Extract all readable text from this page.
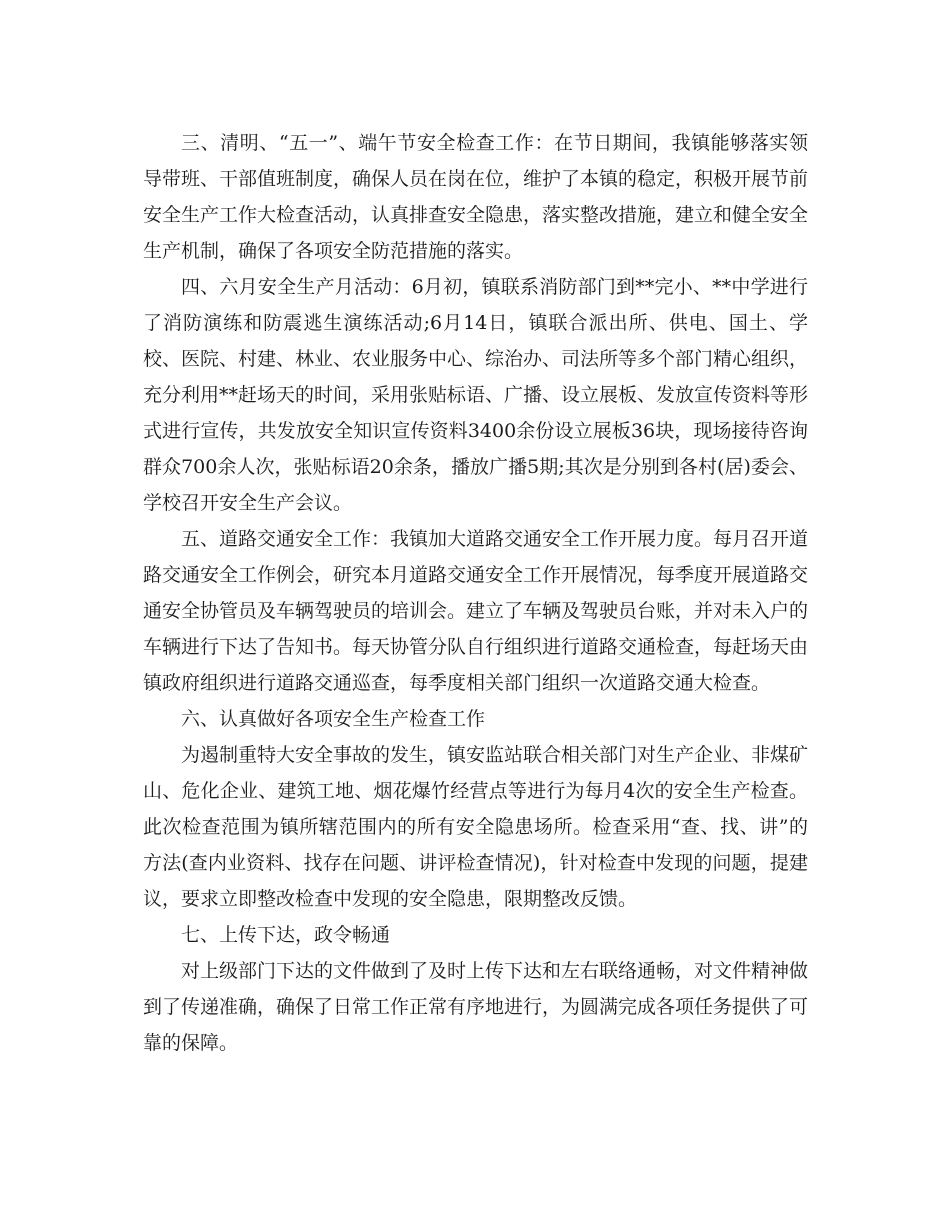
三、清明、“五一”、端午节安全检查工作：在节日期间，我镇能够落实领导带班、干部值班制度，确保人员在岗在位，维护了本镇的稳定，积极开展节前安全生产工作大检查活动，认真排查安全隐患，落实整改措施，建立和健全安全生产机制，确保了各项安全防范措施的落实。

四、六月安全生产月活动：6月初，镇联系消防部门到**完小、**中学进行了消防演练和防震逃生演练活动;6月14日，镇联合派出所、供电、国土、学校、医院、村建、林业、农业服务中心、综治办、司法所等多个部门精心组织，充分利用**赶场天的时间，采用张贴标语、广播、设立展板、发放宣传资料等形式进行宣传，共发放安全知识宣传资料3400余份设立展板36块，现场接待咨询群众700余人次，张贴标语20余条，播放广播5期;其次是分别到各村(居)委会、学校召开安全生产会议。

五、道路交通安全工作：我镇加大道路交通安全工作开展力度。每月召开道路交通安全工作例会，研究本月道路交通安全工作开展情况，每季度开展道路交通安全协管员及车辆驾驶员的培训会。建立了车辆及驾驶员台账，并对未入户的车辆进行下达了告知书。每天协管分队自行组织进行道路交通检查，每赶场天由镇政府组织进行道路交通巡查，每季度相关部门组织一次道路交通大检查。

六、认真做好各项安全生产检查工作

为遏制重特大安全事故的发生，镇安监站联合相关部门对生产企业、非煤矿山、危化企业、建筑工地、烟花爆竹经营点等进行为每月4次的安全生产检查。此次检查范围为镇所辖范围内的所有安全隐患场所。检查采用“查、找、讲”的方法(查内业资料、找存在问题、讲评检查情况)，针对检查中发现的问题，提建议，要求立即整改检查中发现的安全隐患，限期整改反馈。

七、上传下达，政令畅通

对上级部门下达的文件做到了及时上传下达和左右联络通畅，对文件精神做到了传递准确，确保了日常工作正常有序地进行，为圆满完成各项任务提供了可靠的保障。
